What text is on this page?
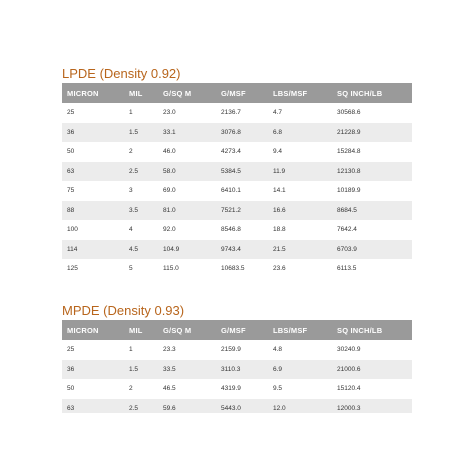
LPDE (Density 0.92)
MICRON	MIL	G/SQ M	G/MSF	LBS/MSF	SQ INCH/LB
25	1	23.0	2136.7	4.7	30568.6
36	1.5	33.1	3076.8	6.8	21228.9
50	2	46.0	4273.4	9.4	15284.8
63	2.5	58.0	5384.5	11.9	12130.8
75	3	69.0	6410.1	14.1	10189.9
88	3.5	81.0	7521.2	16.6	8684.5
100	4	92.0	8546.8	18.8	7642.4
114	4.5	104.9	9743.4	21.5	6703.9
125	5	115.0	10683.5	23.6	6113.5
MPDE (Density 0.93)
MICRON	MIL	G/SQ M	G/MSF	LBS/MSF	SQ INCH/LB
25	1	23.3	2159.9	4.8	30240.9
36	1.5	33.5	3110.3	6.9	21000.6
50	2	46.5	4319.9	9.5	15120.4
63	2.5	59.6	5443.0	12.0	12000.3
